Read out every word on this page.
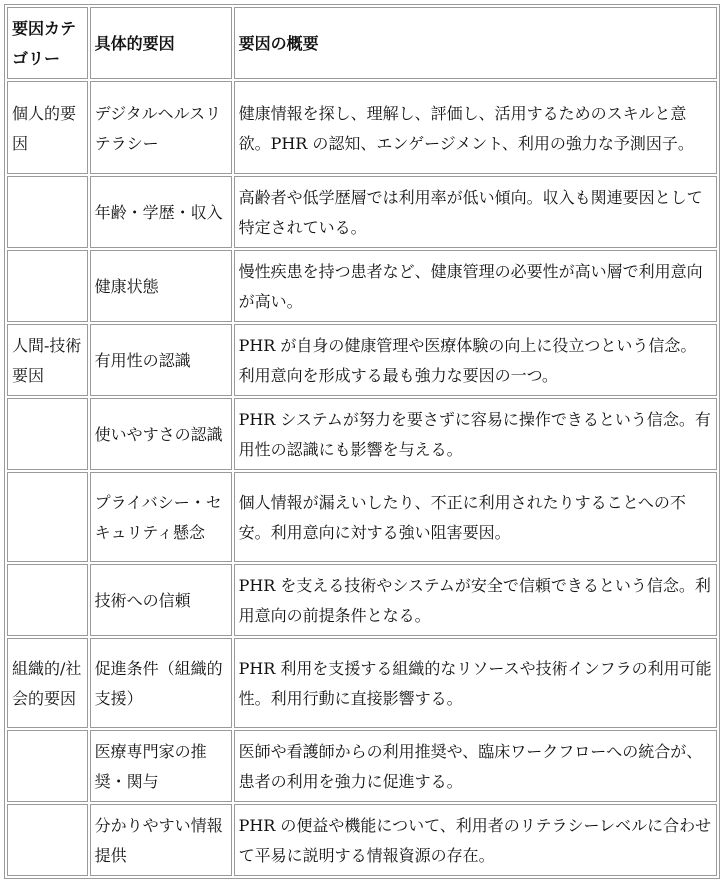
要因カテゴリー	具体的要因	要因の概要
個人的要因	デジタルヘルスリテラシー	健康情報を探し、理解し、評価し、活用するためのスキルと意欲。PHR の認知、エンゲージメント、利用の強力な予測因子。
	年齢・学歴・収入	高齢者や低学歴層では利用率が低い傾向。収入も関連要因として特定されている。
	健康状態	慢性疾患を持つ患者など、健康管理の必要性が高い層で利用意向が高い。
人間-技術要因	有用性の認識	PHR が自身の健康管理や医療体験の向上に役立つという信念。利用意向を形成する最も強力な要因の一つ。
	使いやすさの認識	PHR システムが努力を要さずに容易に操作できるという信念。有用性の認識にも影響を与える。
	プライバシー・セキュリティ懸念	個人情報が漏えいしたり、不正に利用されたりすることへの不安。利用意向に対する強い阻害要因。
	技術への信頼	PHR を支える技術やシステムが安全で信頼できるという信念。利用意向の前提条件となる。
組織的/社会的要因	促進条件（組織的支援）	PHR 利用を支援する組織的なリソースや技術インフラの利用可能性。利用行動に直接影響する。
	医療専門家の推奨・関与	医師や看護師からの利用推奨や、臨床ワークフローへの統合が、患者の利用を強力に促進する。
	分かりやすい情報提供	PHR の便益や機能について、利用者のリテラシーレベルに合わせて平易に説明する情報資源の存在。
